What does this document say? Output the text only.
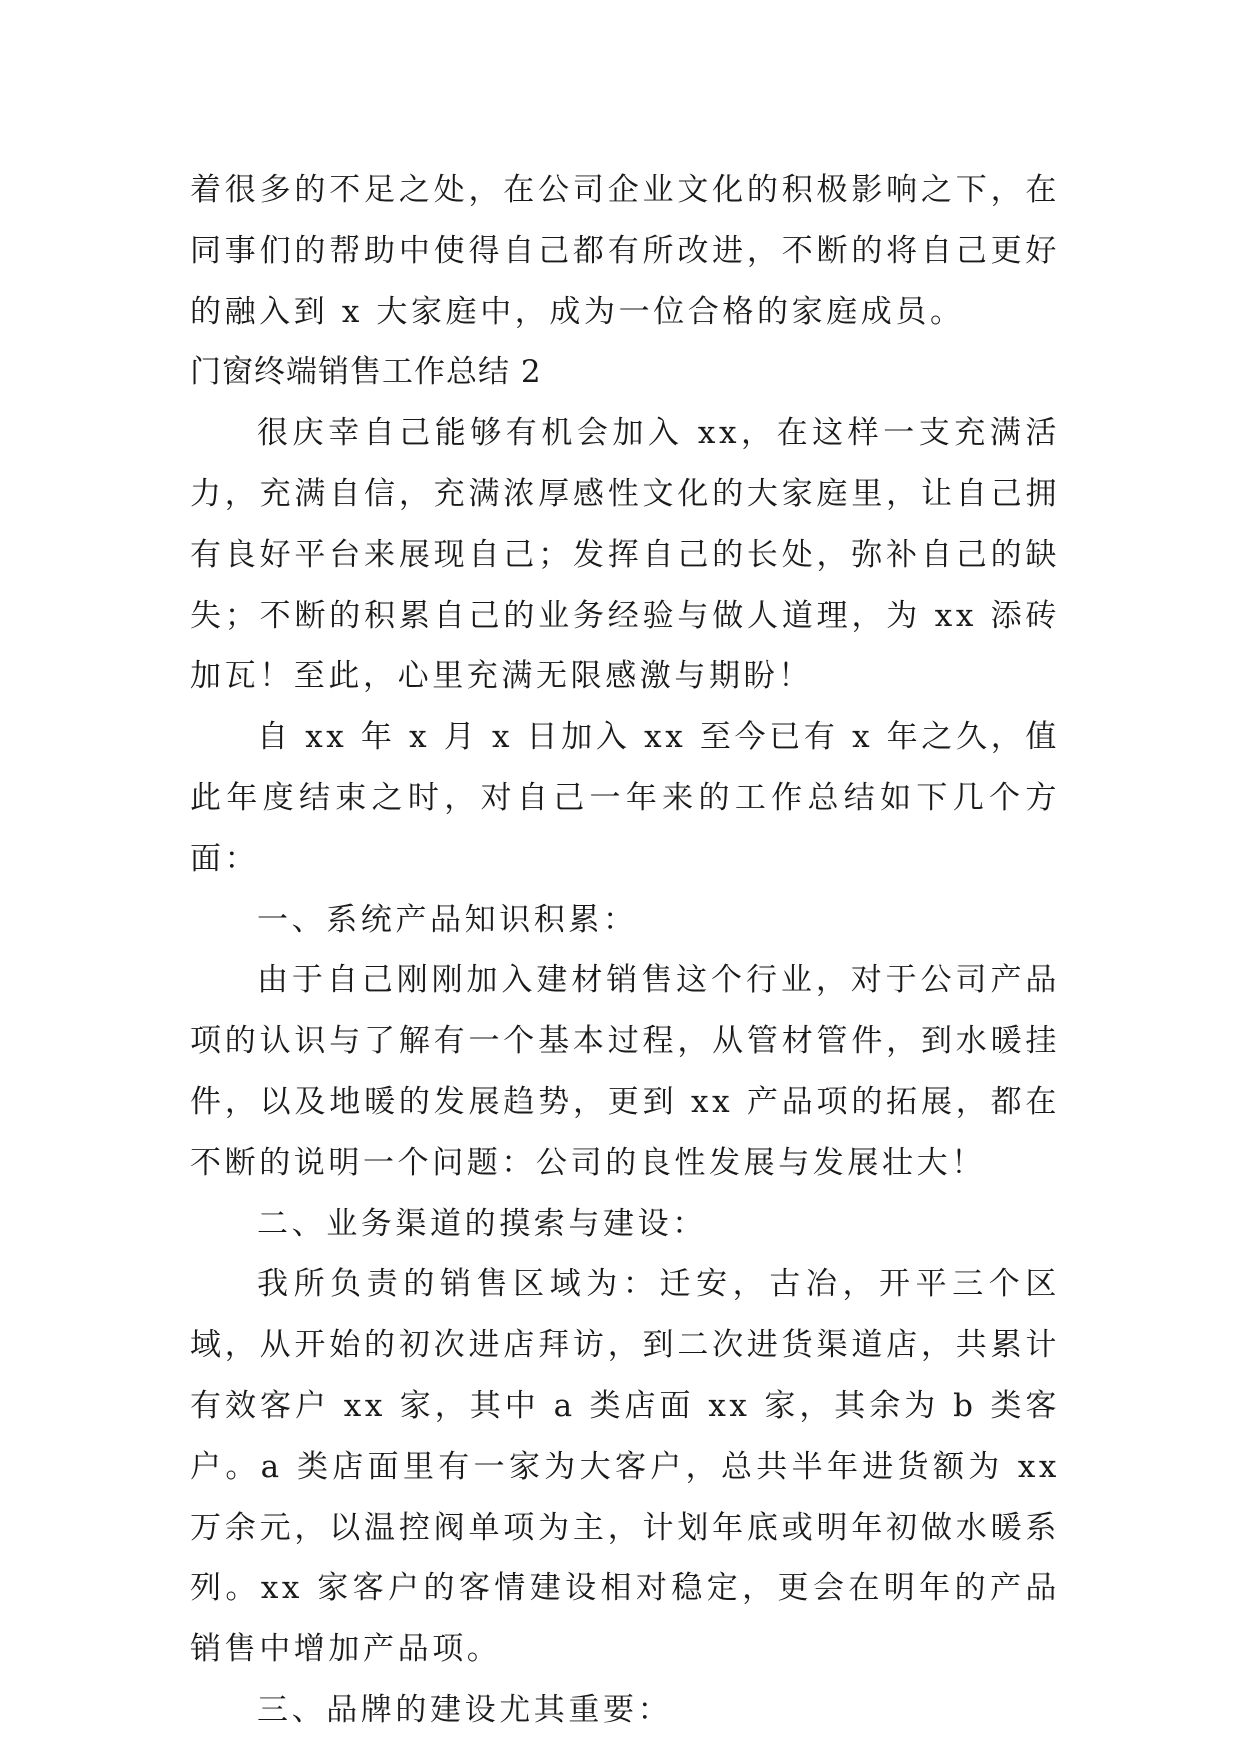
着很多的不足之处，在公司企业文化的积极影响之下，在同事们的帮助中使得自己都有所改进，不断的将自己更好的融入到 x 大家庭中，成为一位合格的家庭成员。

门窗终端销售工作总结 2

很庆幸自己能够有机会加入 xx，在这样一支充满活力，充满自信，充满浓厚感性文化的大家庭里，让自己拥有良好平台来展现自己；发挥自己的长处，弥补自己的缺失；不断的积累自己的业务经验与做人道理，为 xx 添砖加瓦！至此，心里充满无限感激与期盼！

自 xx 年 x 月 x 日加入 xx 至今已有 x 年之久，值此年度结束之时，对自己一年来的工作总结如下几个方面：

一、系统产品知识积累：

由于自己刚刚加入建材销售这个行业，对于公司产品项的认识与了解有一个基本过程，从管材管件，到水暖挂件，以及地暖的发展趋势，更到 xx 产品项的拓展，都在不断的说明一个问题：公司的良性发展与发展壮大！

二、业务渠道的摸索与建设：

我所负责的销售区域为：迁安，古冶，开平三个区域，从开始的初次进店拜访，到二次进货渠道店，共累计有效客户 xx 家，其中 a 类店面 xx 家，其余为 b 类客户。a 类店面里有一家为大客户，总共半年进货额为 xx 万余元，以温控阀单项为主，计划年底或明年初做水暖系列。xx 家客户的客情建设相对稳定，更会在明年的产品销售中增加产品项。

三、品牌的建设尤其重要：
